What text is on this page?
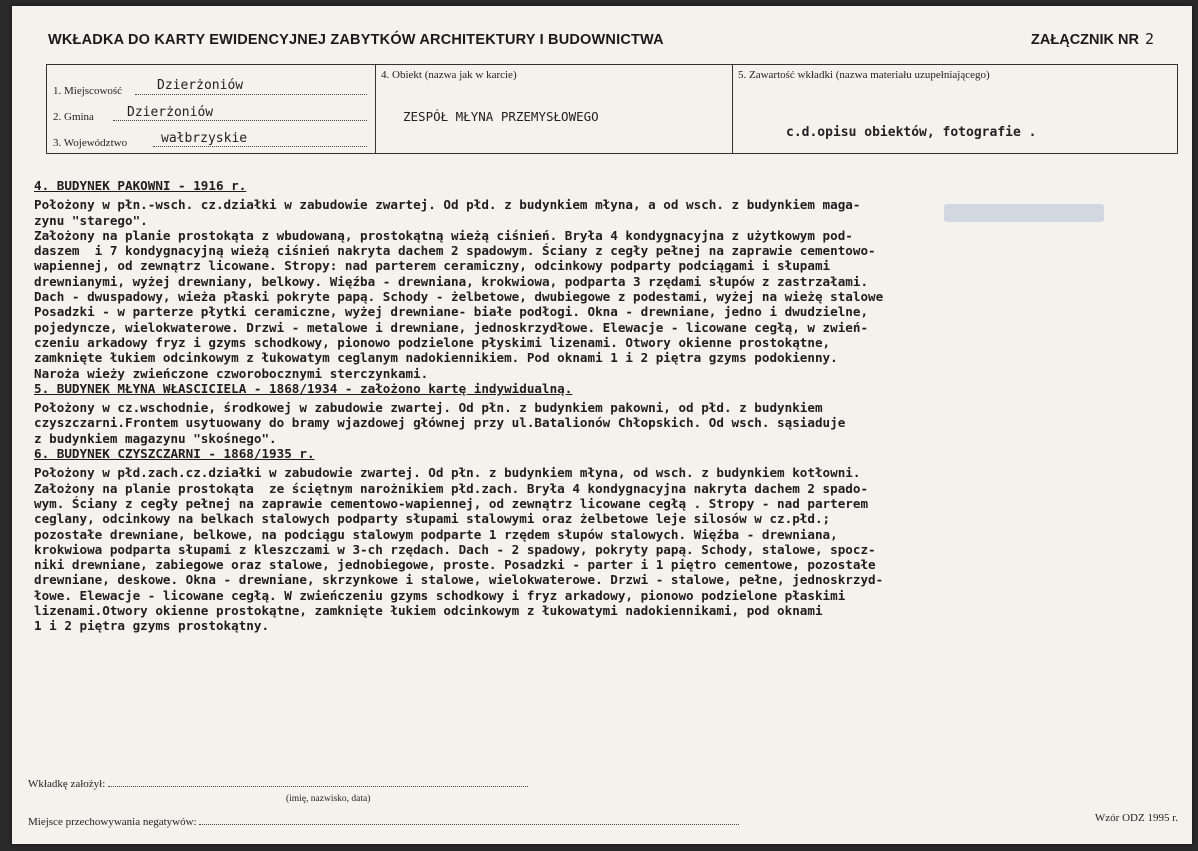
WKŁADKA DO KARTY EWIDENCYJNEJ ZABYTKÓW ARCHITEKTURY I BUDOWNICTWA	ZAŁĄCZNIK NR 2
1. Miejscowość	Dzierżoniów
2. Gmina	Dzierżoniów
3. Województwo	wałbrzyskie
4. Obiekt (nazwa jak w karcie)
ZESPÓŁ MŁYNA PRZEMYSŁOWEGO
5. Zawartość wkładki (nazwa materiału uzupełniającego)
c.d.opisu obiektów, fotografie .
4. BUDYNEK PAKOWNI - 1916 r.
Położony w płn.-wsch. cz.działki w zabudowie zwartej. Od płd. z budynkiem młyna, a od wsch. z budynkiem maga-
zynu "starego".
Założony na planie prostokąta z wbudowaną, prostokątną wieżą ciśnień. Bryła 4 kondygnacyjna z użytkowym pod-
daszem  i 7 kondygnacyjną wieżą ciśnień nakryta dachem 2 spadowym. Ściany z cegły pełnej na zaprawie cementowo-
wapiennej, od zewnątrz licowane. Stropy: nad parterem ceramiczny, odcinkowy podparty podciągami i słupami
drewnianymi, wyżej drewniany, belkowy. Więźba - drewniana, krokwiowa, podparta 3 rzędami słupów z zastrzałami.
Dach - dwuspadowy, wieża płaski pokryte papą. Schody - żelbetowe, dwubiegowe z podestami, wyżej na wieżę stalowe
Posadzki - w parterze płytki ceramiczne, wyżej drewniane- białe podłogi. Okna - drewniane, jedno i dwudzielne,
pojedyncze, wielokwaterowe. Drzwi - metalowe i drewniane, jednoskrzydłowe. Elewacje - licowane cegłą, w zwień-
czeniu arkadowy fryz i gzyms schodkowy, pionowo podzielone płyskimi lizenami. Otwory okienne prostokątne,
zamknięte łukiem odcinkowym z łukowatym ceglanym nadokiennikiem. Pod oknami 1 i 2 piętra gzyms podokienny.
Naroża wieży zwieńczone czworobocznymi sterczynkami.
5. BUDYNEK MŁYNA WŁASCICIELA - 1868/1934 - założono kartę indywidualną.
Położony w cz.wschodnie, środkowej w zabudowie zwartej. Od płn. z budynkiem pakowni, od płd. z budynkiem
czyszczarni.Frontem usytuowany do bramy wjazdowej głównej przy ul.Batalionów Chłopskich. Od wsch. sąsiaduje
z budynkiem magazynu "skośnego".
6. BUDYNEK CZYSZCZARNI - 1868/1935 r.
Położony w płd.zach.cz.działki w zabudowie zwartej. Od płn. z budynkiem młyna, od wsch. z budynkiem kotłowni.
Założony na planie prostokąta  ze ściętnym narożnikiem płd.zach. Bryła 4 kondygnacyjna nakryta dachem 2 spado-
wym. Ściany z cegły pełnej na zaprawie cementowo-wapiennej, od zewnątrz licowane cegłą . Stropy - nad parterem
ceglany, odcinkowy na belkach stalowych podparty słupami stalowymi oraz żelbetowe leje silosów w cz.płd.;
pozostałe drewniane, belkowe, na podciągu stalowym podparte 1 rzędem słupów stalowych. Więźba - drewniana,
krokwiowa podparta słupami z kleszczami w 3-ch rzędach. Dach - 2 spadowy, pokryty papą. Schody, stalowe, spocz-
niki drewniane, zabiegowe oraz stalowe, jednobiegowe, proste. Posadzki - parter i 1 piętro cementowe, pozostałe
drewniane, deskowe. Okna - drewniane, skrzynkowe i stalowe, wielokwaterowe. Drzwi - stalowe, pełne, jednoskrzyd-
łowe. Elewacje - licowane cegłą. W zwieńczeniu gzyms schodkowy i fryz arkadowy, pionowo podzielone płaskimi
lizenami.Otwory okienne prostokątne, zamknięte łukiem odcinkowym z łukowatymi nadokiennikami, pod oknami
1 i 2 piętra gzyms prostokątny.
Wkładkę założył:
(imię, nazwisko, data)
Miejsce przechowywania negatywów:	Wzór ODZ 1995 r.
